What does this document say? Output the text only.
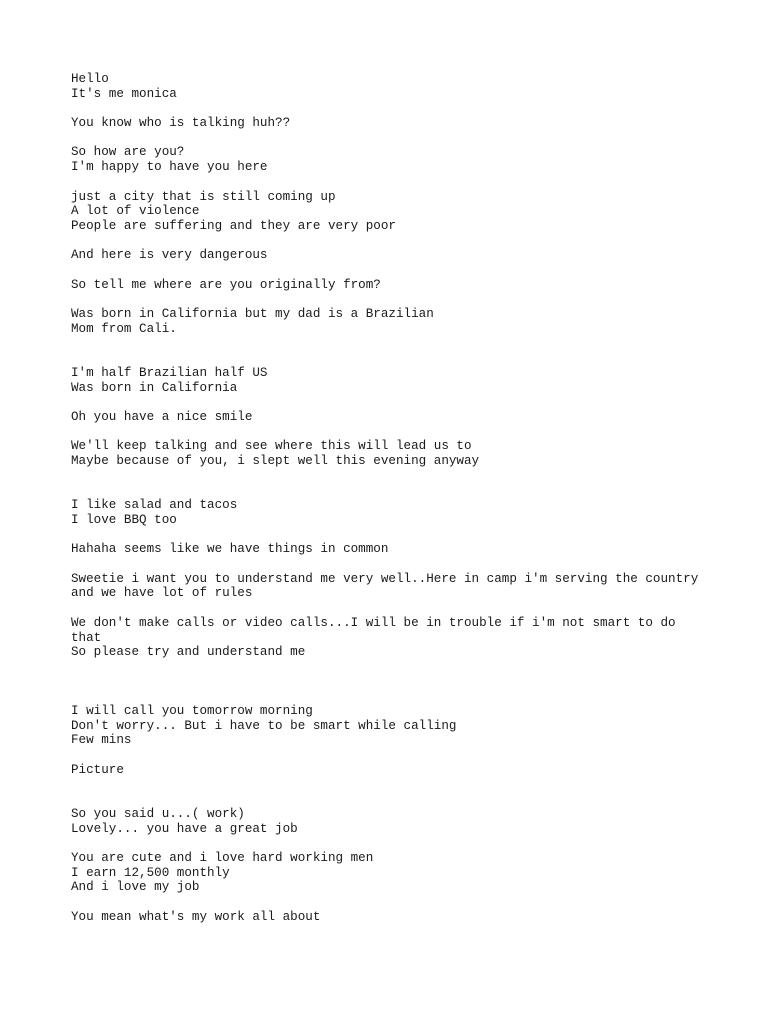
Hello
It's me monica

You know who is talking huh??

So how are you?
I'm happy to have you here

just a city that is still coming up
A lot of violence
People are suffering and they are very poor

And here is very dangerous

So tell me where are you originally from?

Was born in California but my dad is a Brazilian
Mom from Cali.

I'm half Brazilian half US
Was born in California

Oh you have a nice smile

We'll keep talking and see where this will lead us to
Maybe because of you, i slept well this evening anyway

I like salad and tacos
I love BBQ too

Hahaha seems like we have things in common

Sweetie i want you to understand me very well..Here in camp i'm serving the country
and we have lot of rules

We don't make calls or video calls...I will be in trouble if i'm not smart to do
that
So please try and understand me

I will call you tomorrow morning
Don't worry... But i have to be smart while calling
Few mins

Picture

So you said u...( work)
Lovely... you have a great job

You are cute and i love hard working men
I earn 12,500 monthly
And i love my job

You mean what's my work all about
